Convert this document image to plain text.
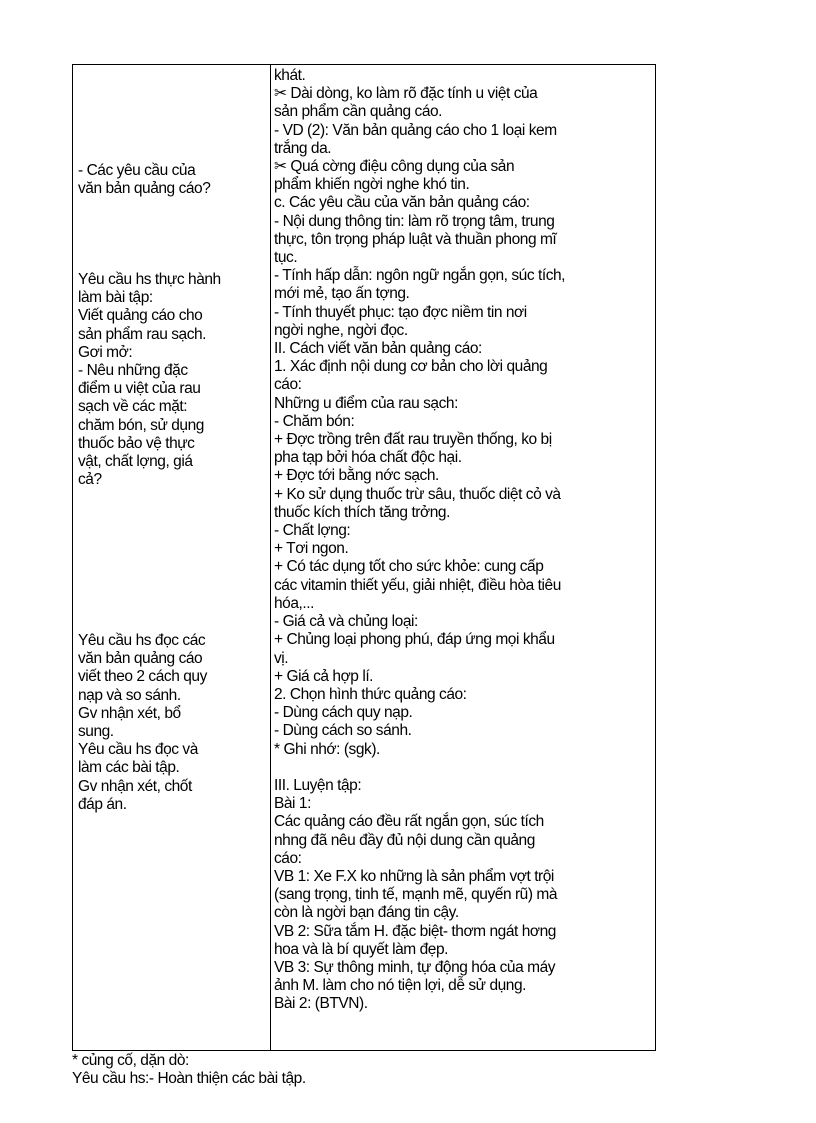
- Các yêu cầu của
văn bản quảng cáo?
Yêu cầu hs thực hành
làm bài tập:
Viết quảng cáo cho
sản phẩm rau sạch.
Gơi mở:
- Nêu những đặc
điểm u việt của rau
sạch về các mặt:
chăm bón, sử dụng
thuốc bảo vệ thực
vật, chất lợng, giá
cả?
Yêu cầu hs đọc các
văn bản quảng cáo
viết theo 2 cách quy
nạp và so sánh.
Gv nhận xét, bổ
sung.
Yêu cầu hs đọc và
làm các bài tập.
Gv nhận xét, chốt
đáp án.
khát.
✂ Dài dòng, ko làm rõ đặc tính u việt của
sản phẩm cần quảng cáo.
- VD (2): Văn bản quảng cáo cho 1 loại kem
trắng da.
✂ Quá cờng điệu công dụng của sản
phẩm khiến ngời nghe khó tin.
c. Các yêu cầu của văn bản quảng cáo:
- Nội dung thông tin: làm rõ trọng tâm, trung
thực, tôn trọng pháp luật và thuần phong mĩ
tục.
- Tính hấp dẫn: ngôn ngữ ngắn gọn, súc tích,
mới mẻ, tạo ấn tợng.
- Tính thuyết phục: tạo đợc niềm tin nơi
ngời nghe, ngời đọc.
II. Cách viết văn bản quảng cáo:
1. Xác định nội dung cơ bản cho lời quảng
cáo:
Những u điểm của rau sạch:
- Chăm bón:
+ Đợc trồng trên đất rau truyền thống, ko bị
pha tạp bởi hóa chất độc hại.
+ Đợc tới bằng nớc sạch.
+ Ko sử dụng thuốc trừ sâu, thuốc diệt cỏ và
thuốc kích thích tăng trởng.
- Chất lợng:
+ Tơi ngon.
+ Có tác dụng tốt cho sức khỏe: cung cấp
các vitamin thiết yếu, giải nhiệt, điều hòa tiêu
hóa,...
- Giá cả và chủng loại:
+ Chủng loại phong phú, đáp ứng mọi khẩu
vị.
+ Giá cả hợp lí.
2. Chọn hình thức quảng cáo:
- Dùng cách quy nạp.
- Dùng cách so sánh.
* Ghi nhớ: (sgk).
III. Luyện tập:
Bài 1:
Các quảng cáo đều rất ngắn gọn, súc tích
nhng đã nêu đầy đủ nội dung cần quảng
cáo:
VB 1: Xe F.X ko những là sản phẩm vợt trội
(sang trọng, tinh tế, mạnh mẽ, quyến rũ) mà
còn là ngời bạn đáng tin cậy.
VB 2: Sữa tắm H. đặc biệt- thơm ngát hơng
hoa và là bí quyết làm đẹp.
VB 3: Sự thông minh, tự động hóa của máy
ảnh M. làm cho nó tiện lợi, dễ sử dụng.
Bài 2: (BTVN).
* củng cố, dặn dò:
Yêu cầu hs:- Hoàn thiện các bài tập.
